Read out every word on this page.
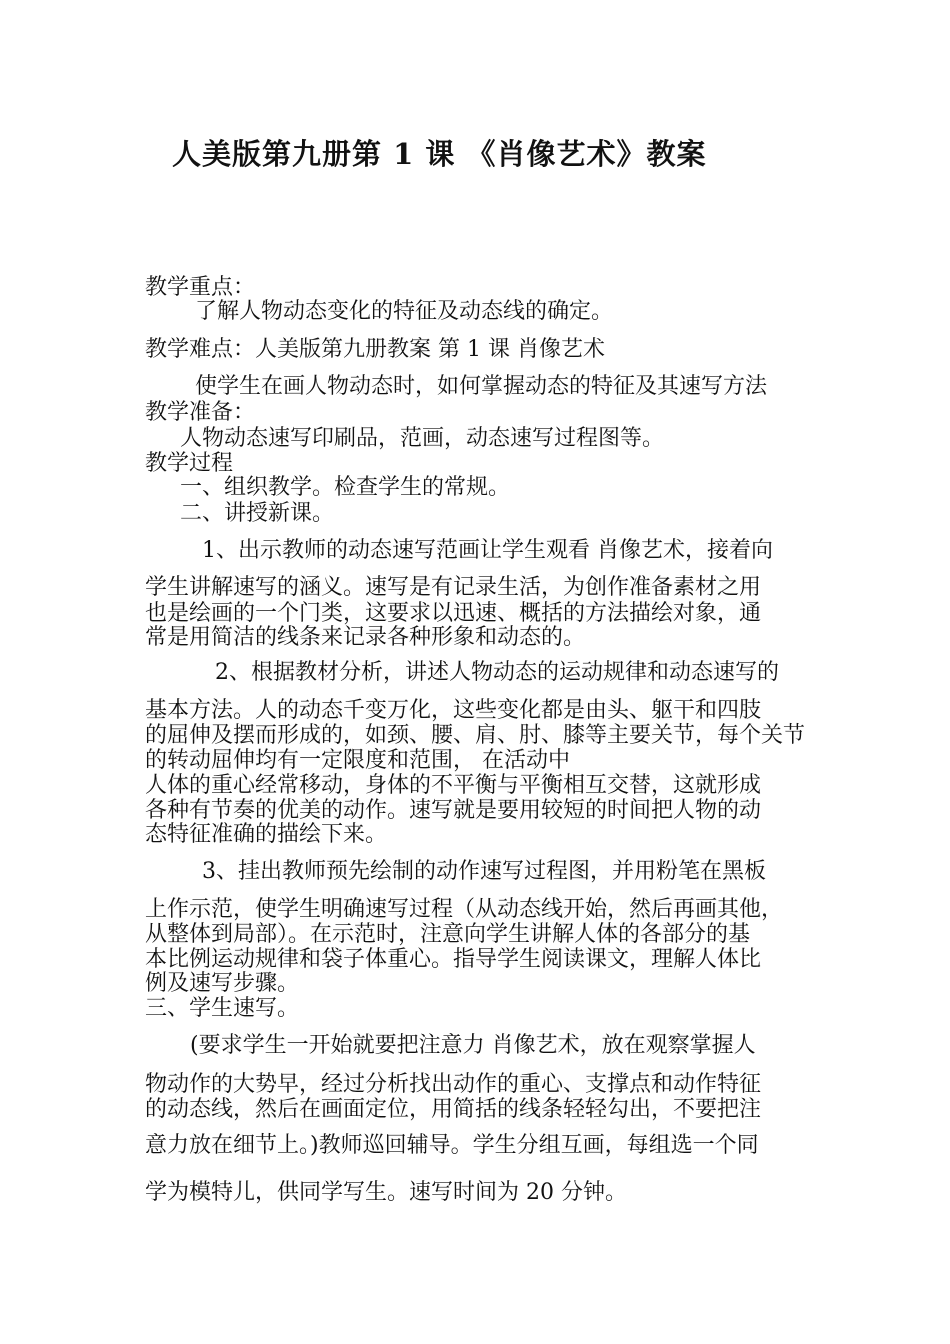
人美版第九册第 1 课 《肖像艺术》教案
教学重点：
了解人物动态变化的特征及动态线的确定。
教学难点：人美版第九册教案 第 1 课 肖像艺术
使学生在画人物动态时，如何掌握动态的特征及其速写方法
教学准备：
人物动态速写印刷品，范画，动态速写过程图等。
教学过程
一、组织教学。检查学生的常规。
二、讲授新课。
1、出示教师的动态速写范画让学生观看 肖像艺术，接着向
学生讲解速写的涵义。速写是有记录生活，为创作准备素材之用
也是绘画的一个门类，这要求以迅速、概括的方法描绘对象，通
常是用简洁的线条来记录各种形象和动态的。
2、根据教材分析，讲述人物动态的运动规律和动态速写的
基本方法。人的动态千变万化，这些变化都是由头、躯干和四肢
的屈伸及摆而形成的，如颈、腰、肩、肘、膝等主要关节，每个关节
的转动屈伸均有一定限度和范围， 在活动中
人体的重心经常移动，身体的不平衡与平衡相互交替，这就形成
各种有节奏的优美的动作。速写就是要用较短的时间把人物的动
态特征准确的描绘下来。
3、挂出教师预先绘制的动作速写过程图，并用粉笔在黑板
上作示范，使学生明确速写过程（从动态线开始，然后再画其他，
从整体到局部）。在示范时，注意向学生讲解人体的各部分的基
本比例运动规律和袋子体重心。指导学生阅读课文，理解人体比
例及速写步骤。
三、学生速写。
(要求学生一开始就要把注意力 肖像艺术，放在观察掌握人
物动作的大势早，经过分析找出动作的重心、支撑点和动作特征
的动态线，然后在画面定位，用简括的线条轻轻勾出，不要把注
意力放在细节上。)教师巡回辅导。学生分组互画，每组选一个同
学为模特儿，供同学写生。速写时间为 20 分钟。
